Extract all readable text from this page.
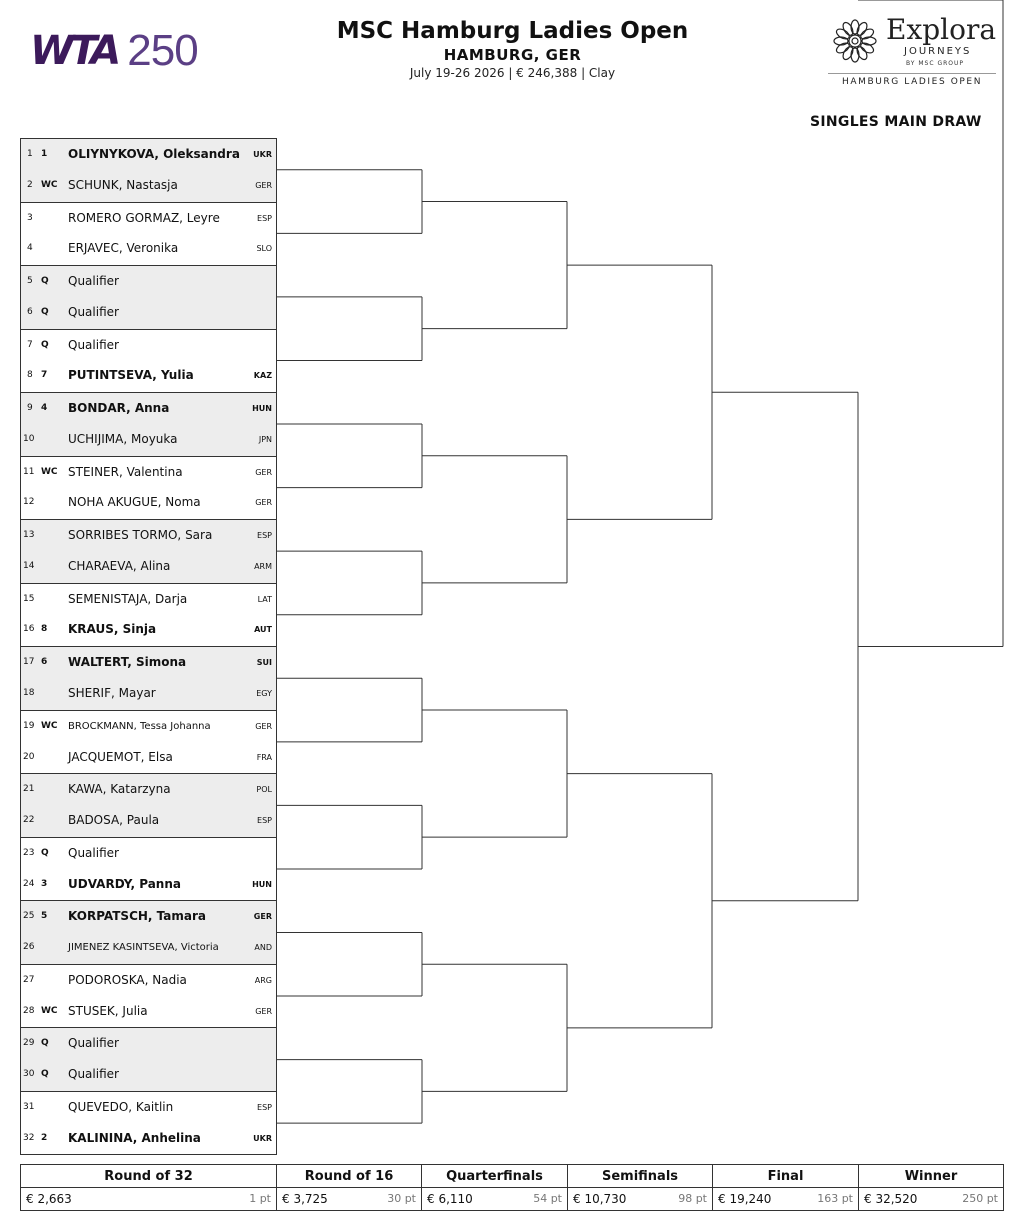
WTA 250	MSC Hamburg Ladies Open
HAMBURG, GER
July 19-26 2026 | € 246,388 | Clay
Explora
JOURNEYS
BY MSC GROUP
HAMBURG LADIES OPEN
SINGLES MAIN DRAW
1 1	OLIYNYKOVA, Oleksandra UKR
2 WC SCHUNK, Nastasja	GER
3	ROMERO GORMAZ, Leyre	ESP
4	ERJAVEC, Veronika	SLO
5 Q	Qualifier
6 Q	Qualifier
7 Q	Qualifier
8 7	PUTINTSEVA, Yulia	KAZ
9 4	BONDAR, Anna	HUN
10	UCHIJIMA, Moyuka	JPN
11 WC STEINER, Valentina	GER
12	NOHA AKUGUE, Noma	GER
13	SORRIBES TORMO, Sara	ESP
14	CHARAEVA, Alina	ARM
15	SEMENISTAJA, Darja	LAT
16 8	KRAUS, Sinja	AUT
17 6	WALTERT, Simona	SUI
18	SHERIF, Mayar	EGY
19 WC	BROCKMANN, Tessa Johanna	GER
20	JACQUEMOT, Elsa	FRA
21	KAWA, Katarzyna	POL
22	BADOSA, Paula	ESP
23 Q	Qualifier
24 3	UDVARDY, Panna	HUN
25 5	KORPATSCH, Tamara	GER
26	JIMENEZ KASINTSEVA, Victoria	AND
27	PODOROSKA, Nadia	ARG
28 WC STUSEK, Julia	GER
29 Q	Qualifier
30 Q	Qualifier
31	QUEVEDO, Kaitlin	ESP
32 2	KALININA, Anhelina	UKR
Round of 32	Round of 16	Quarterfinals	Semifinals	Final	Winner

€ 2,663 1 pt	€ 3,725 30 pt	€ 6,110 54 pt	€ 10,730 98 pt	€ 19,240 163 pt	€ 32,520 250 pt
